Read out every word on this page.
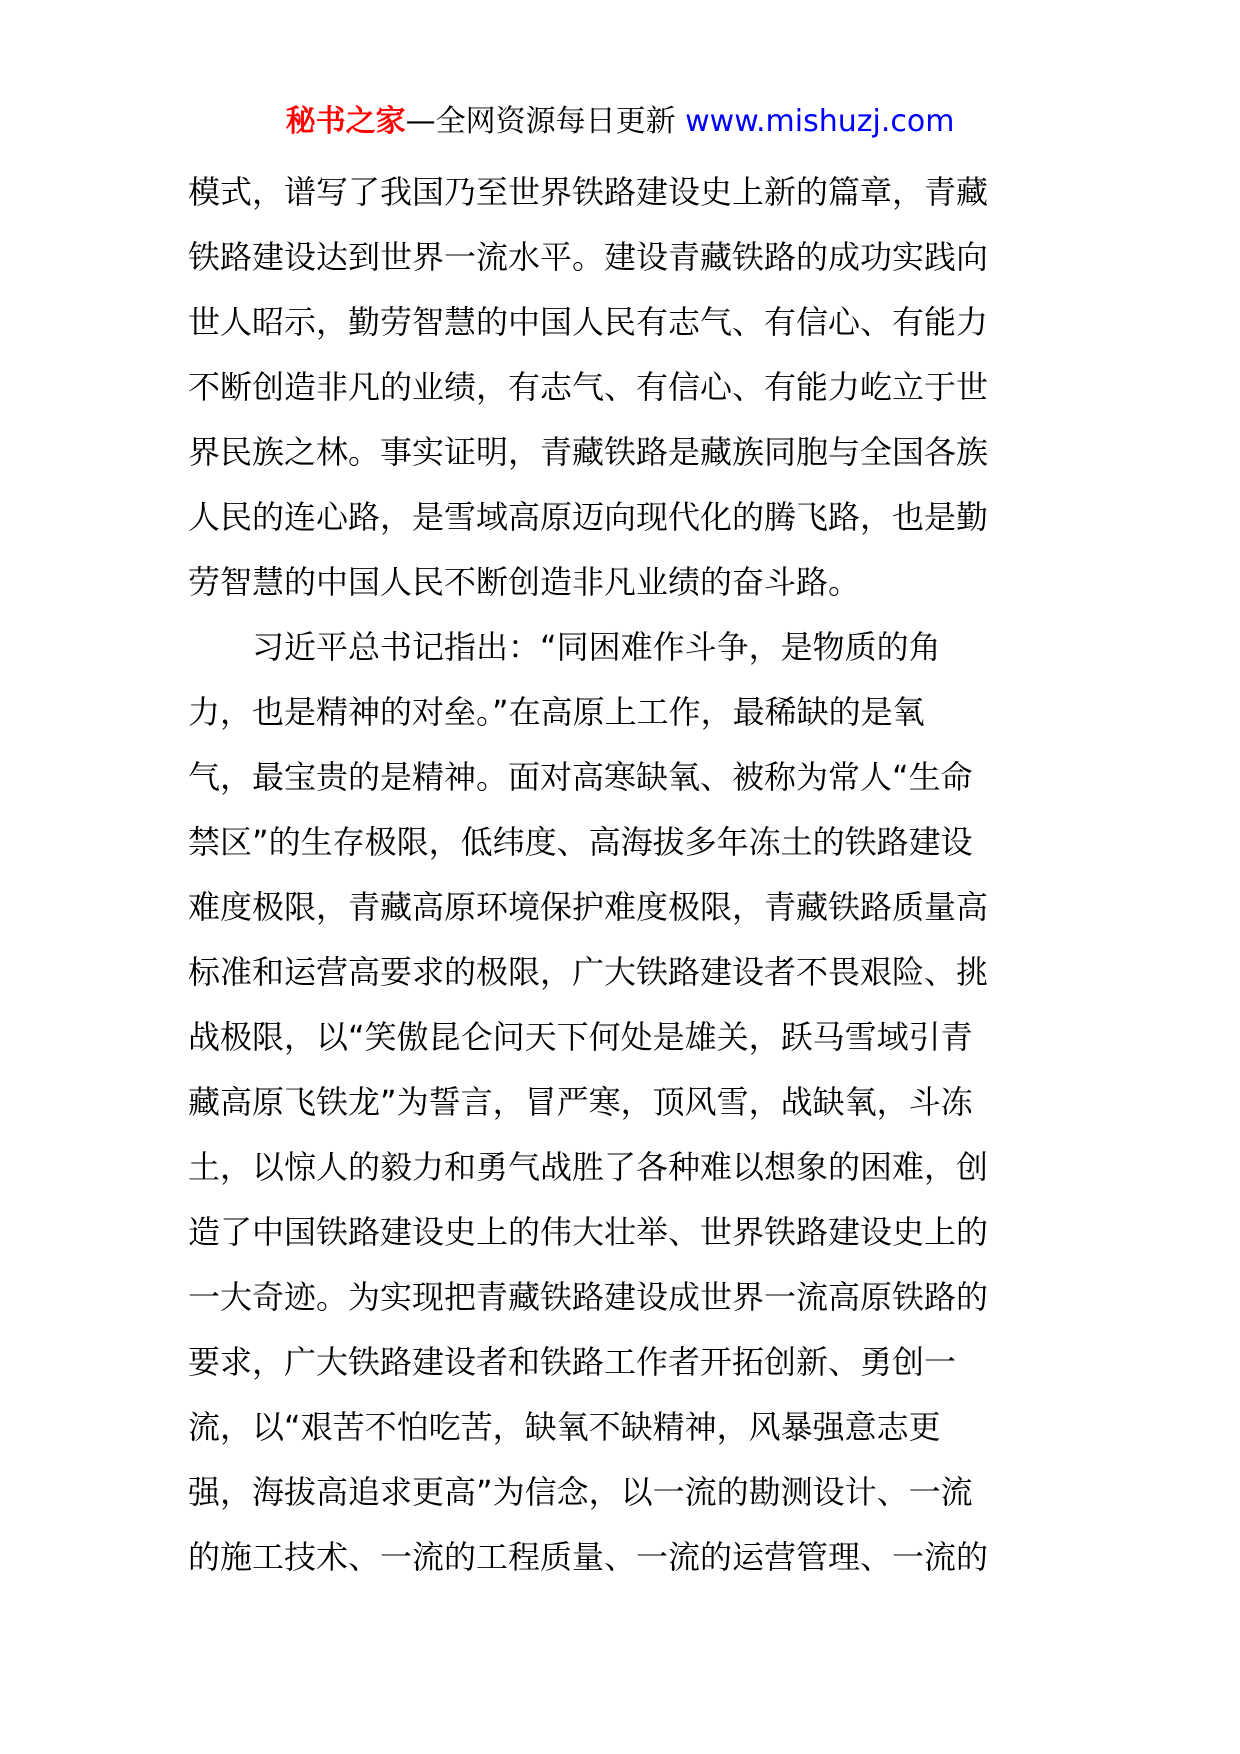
秘书之家—全网资源每日更新 www.mishuzj.com
模式，谱写了我国乃至世界铁路建设史上新的篇章，青藏
铁路建设达到世界一流水平。建设青藏铁路的成功实践向
世人昭示，勤劳智慧的中国人民有志气、有信心、有能力
不断创造非凡的业绩，有志气、有信心、有能力屹立于世
界民族之林。事实证明，青藏铁路是藏族同胞与全国各族
人民的连心路，是雪域高原迈向现代化的腾飞路，也是勤
劳智慧的中国人民不断创造非凡业绩的奋斗路。
习近平总书记指出：“同困难作斗争，是物质的角
力，也是精神的对垒。”在高原上工作，最稀缺的是氧
气，最宝贵的是精神。面对高寒缺氧、被称为常人“生命
禁区”的生存极限，低纬度、高海拔多年冻土的铁路建设
难度极限，青藏高原环境保护难度极限，青藏铁路质量高
标准和运营高要求的极限，广大铁路建设者不畏艰险、挑
战极限，以“笑傲昆仑问天下何处是雄关，跃马雪域引青
藏高原飞铁龙”为誓言，冒严寒，顶风雪，战缺氧，斗冻
土，以惊人的毅力和勇气战胜了各种难以想象的困难，创
造了中国铁路建设史上的伟大壮举、世界铁路建设史上的
一大奇迹。为实现把青藏铁路建设成世界一流高原铁路的
要求，广大铁路建设者和铁路工作者开拓创新、勇创一
流，以“艰苦不怕吃苦，缺氧不缺精神，风暴强意志更
强，海拔高追求更高”为信念，以一流的勘测设计、一流
的施工技术、一流的工程质量、一流的运营管理、一流的
